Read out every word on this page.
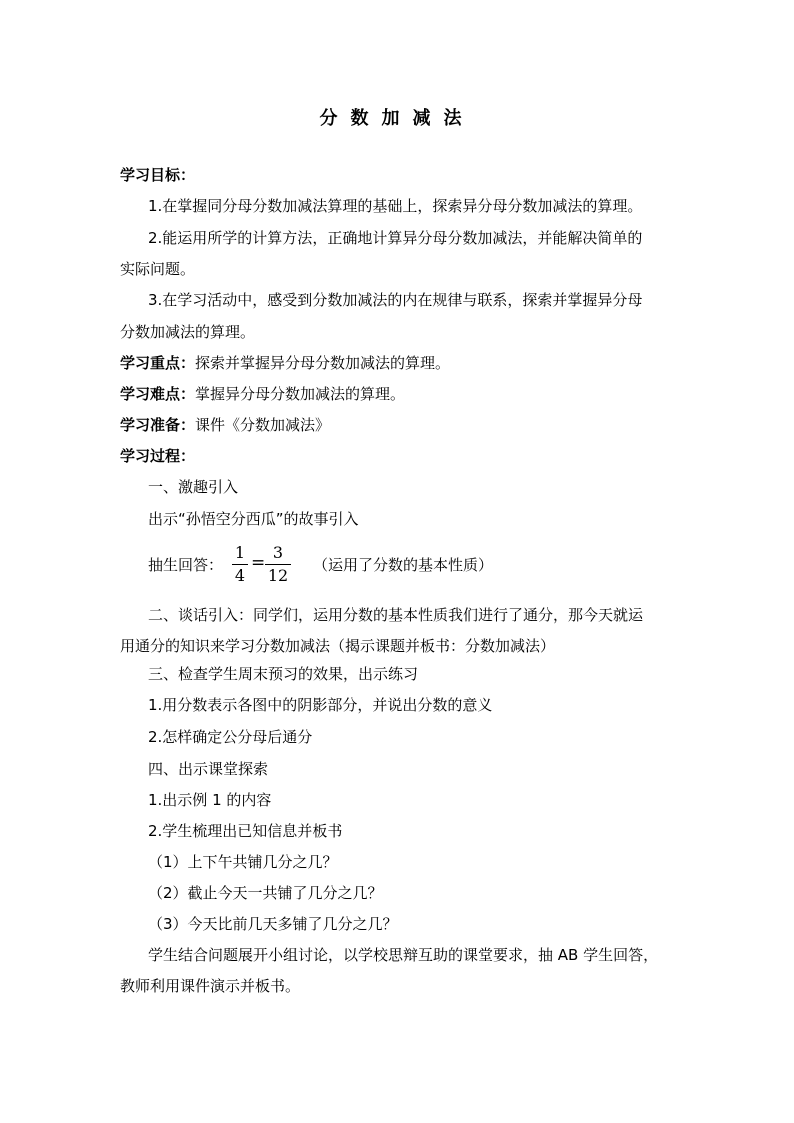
分数加减法
学习目标：
1.在掌握同分母分数加减法算理的基础上，探索异分母分数加减法的算理。
2.能运用所学的计算方法，正确地计算异分母分数加减法，并能解决简单的
实际问题。
3.在学习活动中，感受到分数加减法的内在规律与联系，探索并掌握异分母
分数加减法的算理。
学习重点：探索并掌握异分母分数加减法的算理。
学习难点：掌握异分母分数加减法的算理。
学习准备：课件《分数加减法》
学习过程：
一、激趣引入
出示“孙悟空分西瓜”的故事引入
抽生回答：
1
4
=
3
12
（运用了分数的基本性质）
二、谈话引入：同学们，运用分数的基本性质我们进行了通分，那今天就运
用通分的知识来学习分数加减法（揭示课题并板书：分数加减法）
三、检查学生周末预习的效果，出示练习
1.用分数表示各图中的阴影部分，并说出分数的意义
2.怎样确定公分母后通分
四、出示课堂探索
1.出示例 1 的内容
2.学生梳理出已知信息并板书
（1）上下午共铺几分之几？
（2）截止今天一共铺了几分之几？
（3）今天比前几天多铺了几分之几？
学生结合问题展开小组讨论，以学校思辩互助的课堂要求，抽 AB 学生回答，
教师利用课件演示并板书。
